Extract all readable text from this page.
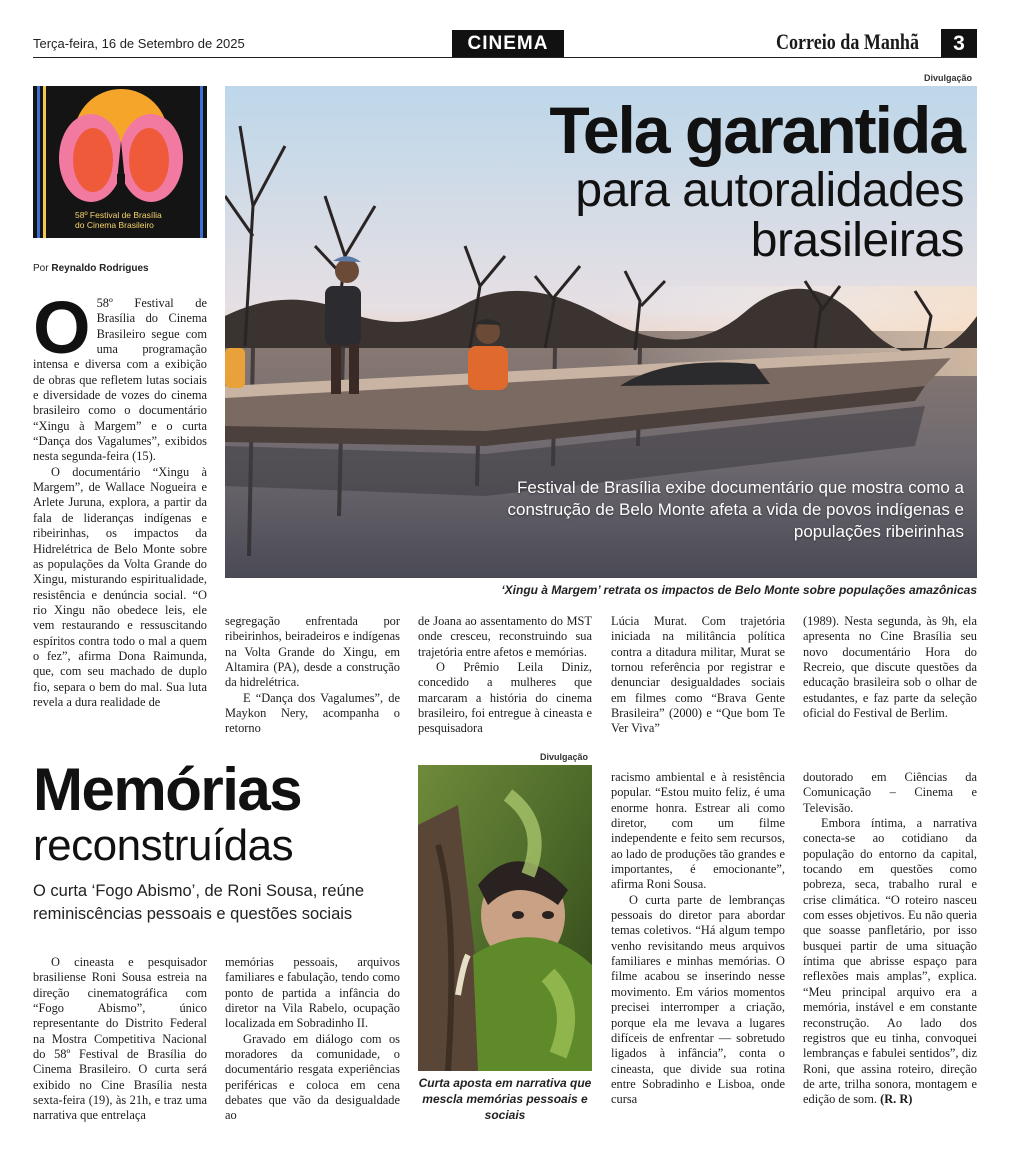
Terça-feira, 16 de Setembro de 2025	CINEMA	Correio da Manhã	3
58º Festival de Brasília
do Cinema Brasileiro
Divulgação
Tela garantida
para autoralidades
brasileiras
Festival de Brasília exibe documentário que mostra como a construção de Belo Monte afeta a vida de povos indígenas e populações ribeirinhas
‘Xingu à Margem’ retrata os impactos de Belo Monte sobre populações amazônicas
Por Reynaldo Rodrigues
O 58º Festival de Brasília do Cinema Brasileiro segue com uma programação intensa e diversa com a exibição de obras que refletem lutas sociais e diversidade de vozes do cinema brasileiro como o documentário “Xingu à Margem” e o curta “Dança dos Vagalumes”, exibidos nesta segunda-feira (15).

O documentário “Xingu à Margem”, de Wallace Nogueira e Arlete Juruna, explora, a partir da fala de lideranças indígenas e ribeirinhas, os impactos da Hidrelétrica de Belo Monte sobre as populações da Volta Grande do Xingu, misturando espiritualidade, resistência e denúncia social. “O rio Xingu não obedece leis, ele vem restaurando e ressuscitando espíritos contra todo o mal a quem o fez”, afirma Dona Raimunda, que, com seu machado de duplo fio, separa o bem do mal. Sua luta revela a dura realidade de

segregação enfrentada por ribeirinhos, beiradeiros e indígenas na Volta Grande do Xingu, em Altamira (PA), desde a construção da hidrelétrica.

E “Dança dos Vagalumes”, de Maykon Nery, acompanha o retorno

de Joana ao assentamento do MST onde cresceu, reconstruindo sua trajetória entre afetos e memórias.

O Prêmio Leila Diniz, concedido a mulheres que marcaram a história do cinema brasileiro, foi entregue à cineasta e pesquisadora

Lúcia Murat. Com trajetória iniciada na militância política contra a ditadura militar, Murat se tornou referência por registrar e denunciar desigualdades sociais em filmes como “Brava Gente Brasileira” (2000) e “Que bom Te Ver Viva”

(1989). Nesta segunda, às 9h, ela apresenta no Cine Brasília seu novo documentário Hora do Recreio, que discute questões da educação brasileira sob o olhar de estudantes, e faz parte da seleção oficial do Festival de Berlim.

Memórias
reconstruídas
O curta ‘Fogo Abismo’, de Roni Sousa, reúne reminiscências pessoais e questões sociais
Divulgação
Curta aposta em narrativa que mescla memórias pessoais e sociais

O cineasta e pesquisador brasiliense Roni Sousa estreia na direção cinematográfica com “Fogo Abismo”, único representante do Distrito Federal na Mostra Competitiva Nacional do 58º Festival de Brasília do Cinema Brasileiro. O curta será exibido no Cine Brasília nesta sexta-feira (19), às 21h, e traz uma narrativa que entrelaça

memórias pessoais, arquivos familiares e fabulação, tendo como ponto de partida a infância do diretor na Vila Rabelo, ocupação localizada em Sobradinho II.

Gravado em diálogo com os moradores da comunidade, o documentário resgata experiências periféricas e coloca em cena debates que vão da desigualdade ao

racismo ambiental e à resistência popular. “Estou muito feliz, é uma enorme honra. Estrear ali como diretor, com um filme independente e feito sem recursos, ao lado de produções tão grandes e importantes, é emocionante”, afirma Roni Sousa.

O curta parte de lembranças pessoais do diretor para abordar temas coletivos. “Há algum tempo venho revisitando meus arquivos familiares e minhas memórias. O filme acabou se inserindo nesse movimento. Em vários momentos precisei interromper a criação, porque ela me levava a lugares difíceis de enfrentar — sobretudo ligados à infância”, conta o cineasta, que divide sua rotina entre Sobradinho e Lisboa, onde cursa

doutorado em Ciências da Comunicação – Cinema e Televisão.

Embora íntima, a narrativa conecta-se ao cotidiano da população do entorno da capital, tocando em questões como pobreza, seca, trabalho rural e crise climática. “O roteiro nasceu com esses objetivos. Eu não queria que soasse panfletário, por isso busquei partir de uma situação íntima que abrisse espaço para reflexões mais amplas”, explica. “Meu principal arquivo era a memória, instável e em constante reconstrução. Ao lado dos registros que eu tinha, convoquei lembranças e fabulei sentidos”, diz Roni, que assina roteiro, direção de arte, trilha sonora, montagem e edição de som. (R. R)
